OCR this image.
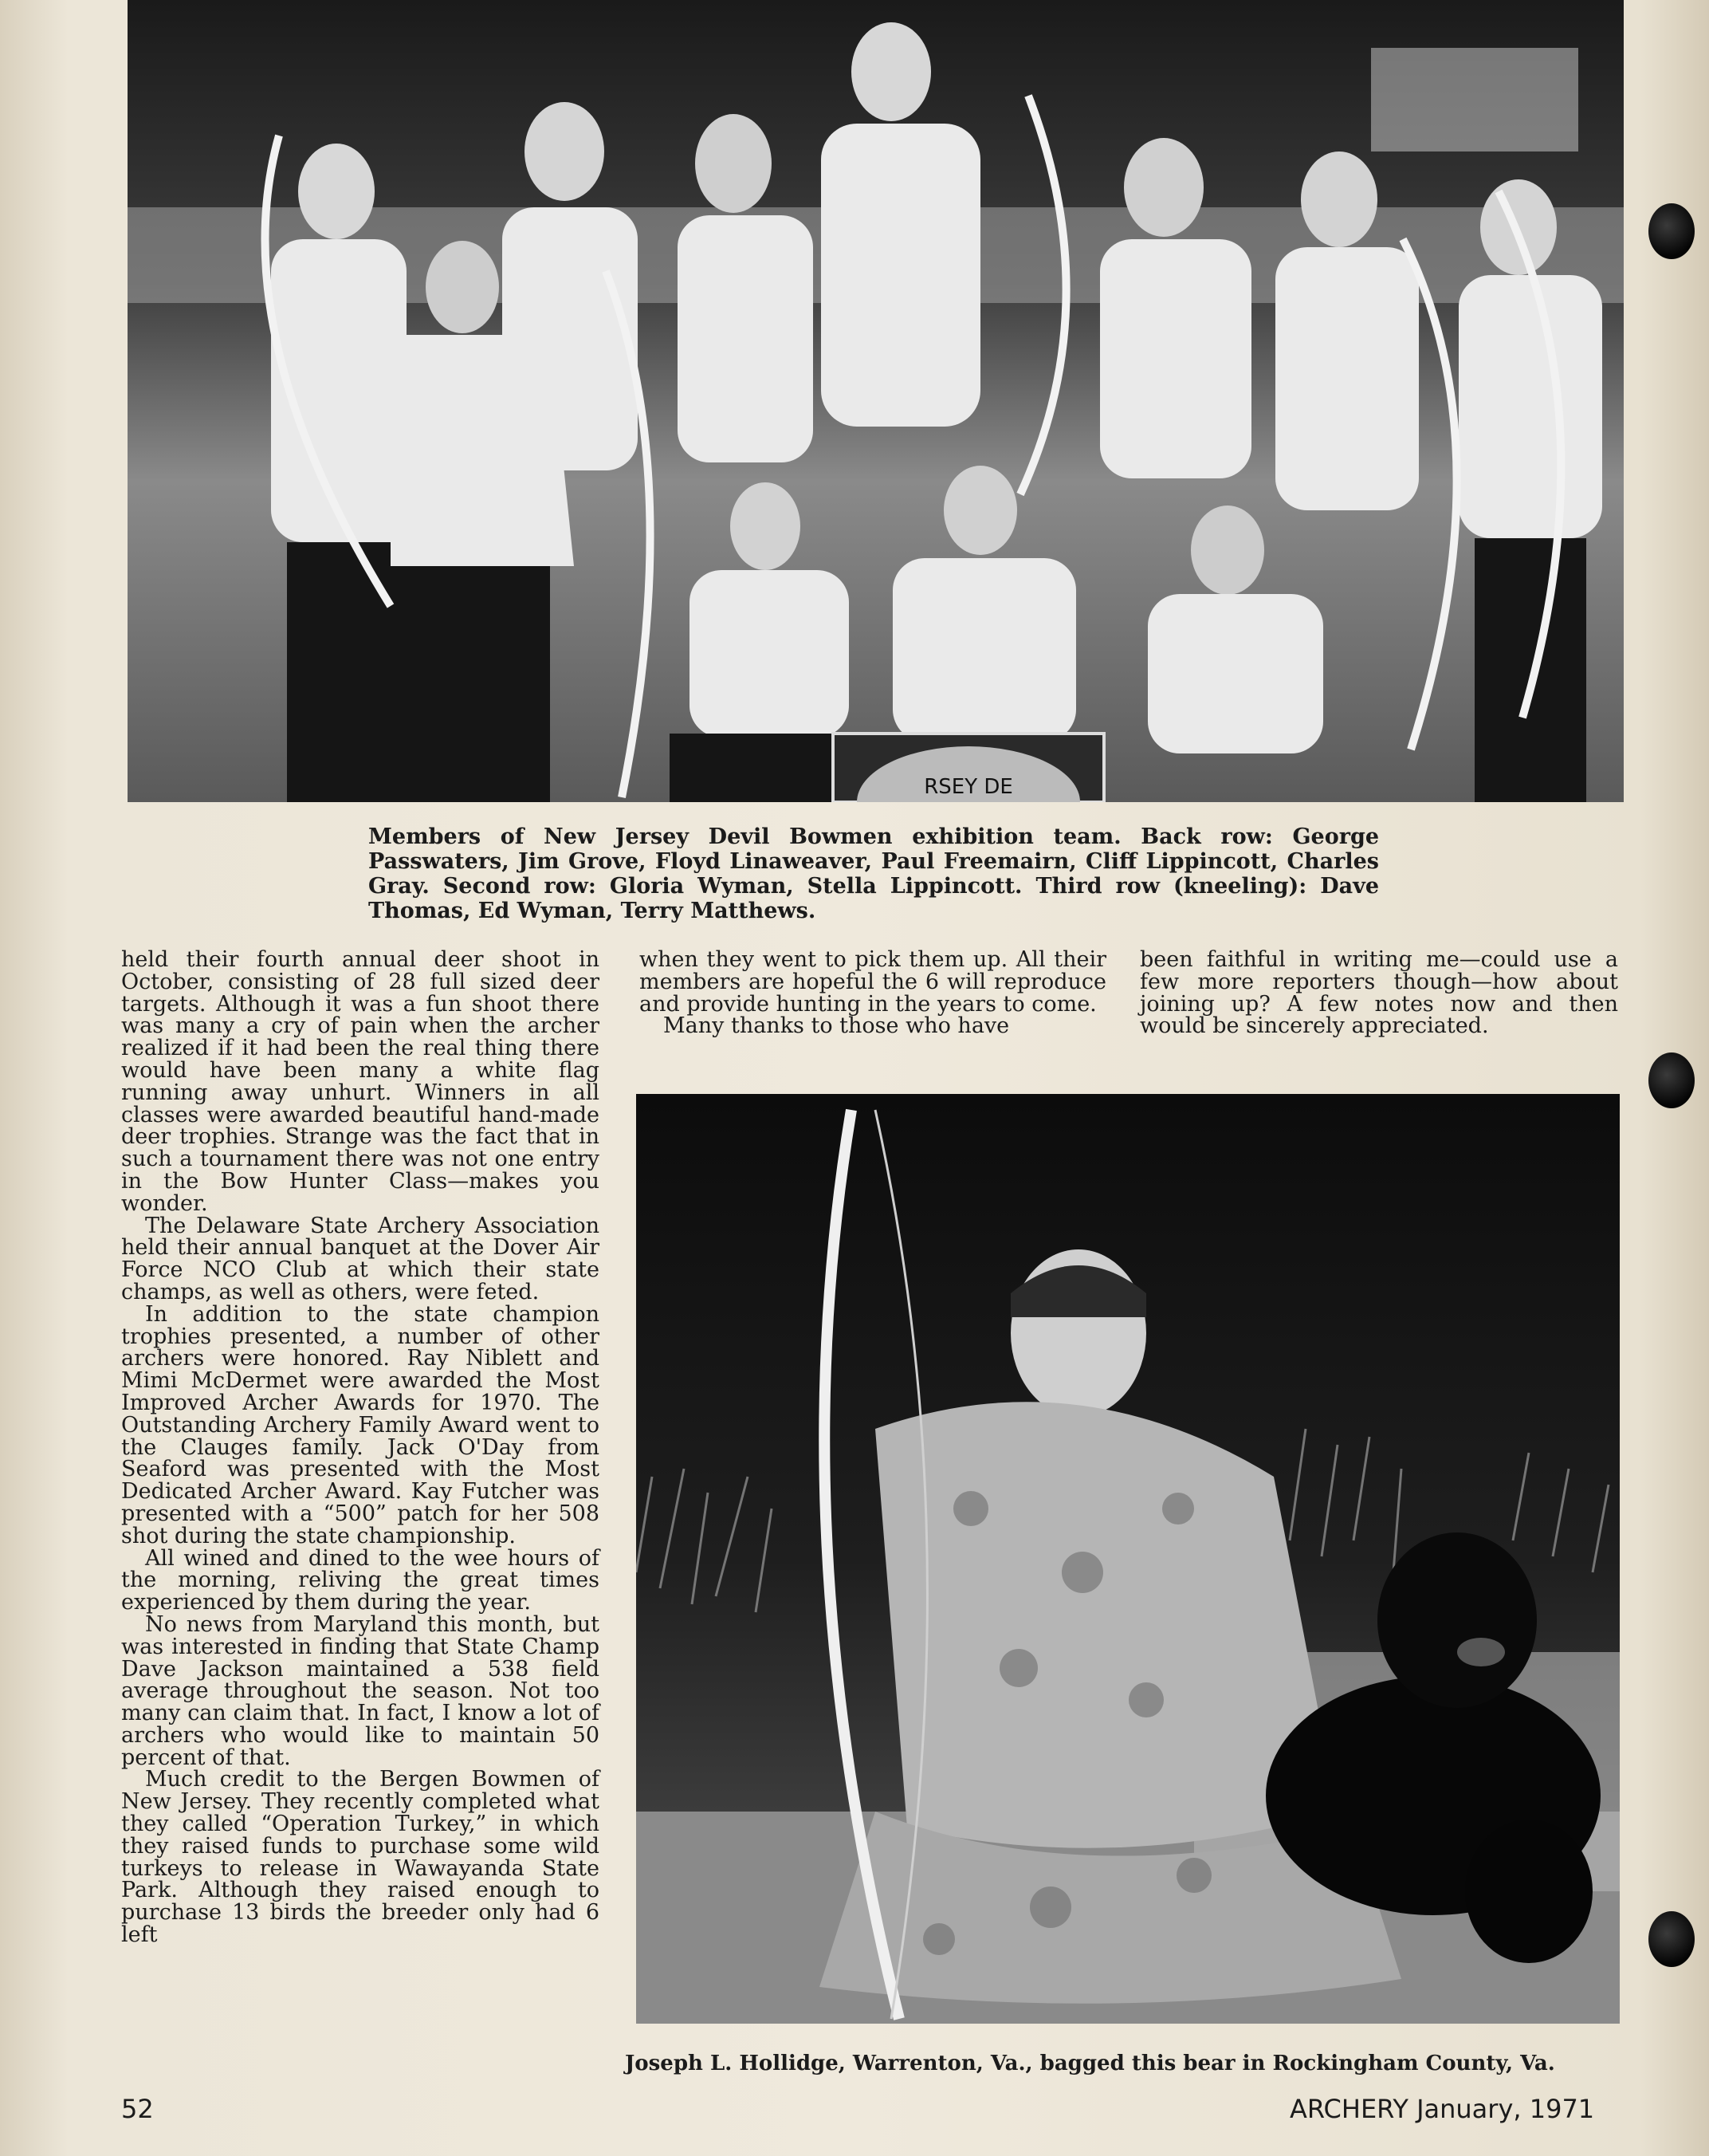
RSEY DE
Members of New Jersey Devil Bowmen exhibition team. Back row: George Passwaters, Jim Grove, Floyd Linaweaver, Paul Freemairn, Cliff Lippincott, Charles Gray. Second row: Gloria Wyman, Stella Lippincott. Third row (kneeling): Dave Thomas, Ed Wyman, Terry Matthews.

held their fourth annual deer shoot in October, consisting of 28 full sized deer targets. Although it was a fun shoot there was many a cry of pain when the archer realized if it had been the real thing there would have been many a white flag running away unhurt. Winners in all classes were awarded beautiful hand-made deer trophies. Strange was the fact that in such a tournament there was not one entry in the Bow Hunter Class—makes you wonder.

The Delaware State Archery Association held their annual banquet at the Dover Air Force NCO Club at which their state champs, as well as others, were feted.

In addition to the state champion trophies presented, a number of other archers were honored. Ray Niblett and Mimi McDermet were awarded the Most Improved Archer Awards for 1970. The Outstanding Archery Family Award went to the Clauges family. Jack O'Day from Seaford was presented with the Most Dedicated Archer Award. Kay Futcher was presented with a “500” patch for her 508 shot during the state championship.

All wined and dined to the wee hours of the morning, reliving the great times experienced by them during the year.

No news from Maryland this month, but was interested in finding that State Champ Dave Jackson maintained a 538 field average throughout the season. Not too many can claim that. In fact, I know a lot of archers who would like to maintain 50 percent of that.

Much credit to the Bergen Bowmen of New Jersey. They recently completed what they called “Operation Turkey,” in which they raised funds to purchase some wild turkeys to release in Wawayanda State Park. Although they raised enough to purchase 13 birds the breeder only had 6 left

when they went to pick them up. All their members are hopeful the 6 will reproduce and provide hunting in the years to come.

Many thanks to those who have

been faithful in writing me—could use a few more reporters though—how about joining up? A few notes now and then would be sincerely appreciated.

Joseph L. Hollidge, Warrenton, Va., bagged this bear in Rockingham County, Va.
52	ARCHERY January, 1971
